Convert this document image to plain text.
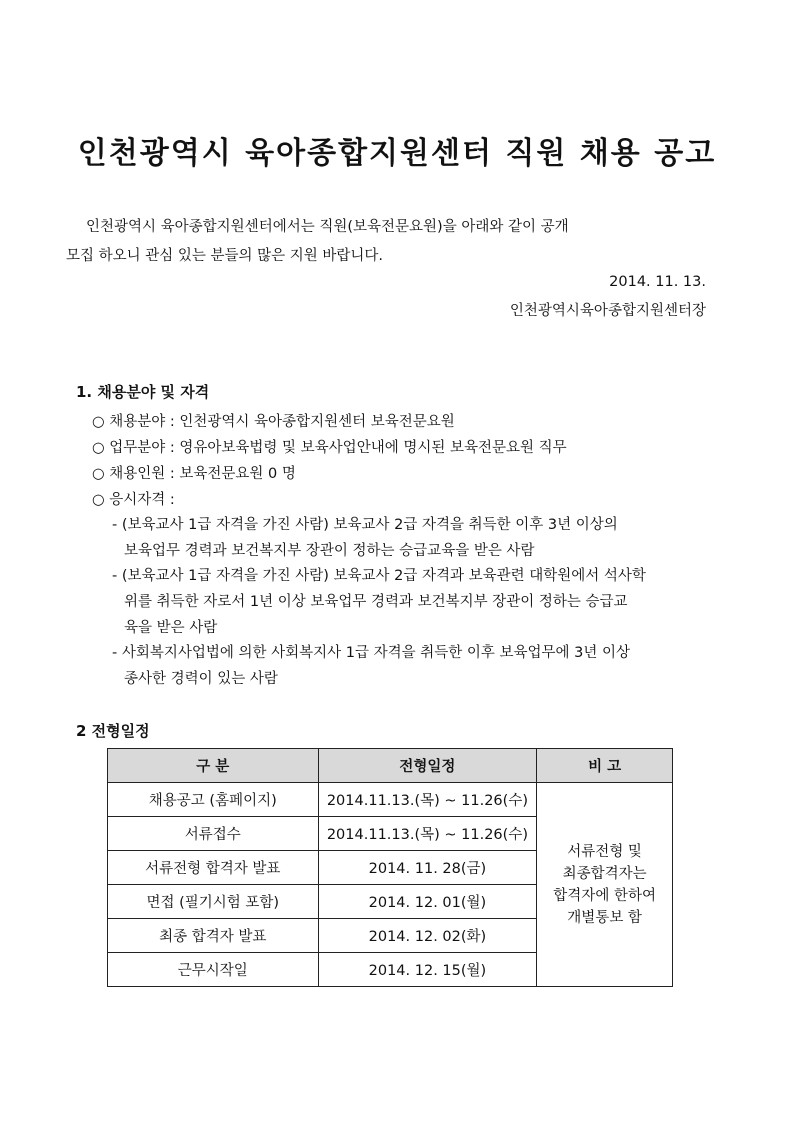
인천광역시 육아종합지원센터 직원 채용 공고
인천광역시 육아종합지원센터에서는 직원(보육전문요원)을 아래와 같이 공개
모집 하오니 관심 있는 분들의 많은 지원 바랍니다.
2014. 11. 13.
인천광역시육아종합지원센터장
1. 채용분야 및 자격
○ 채용분야 : 인천광역시 육아종합지원센터 보육전문요원
○ 업무분야 : 영유아보육법령 및 보육사업안내에 명시된 보육전문요원 직무
○ 채용인원 : 보육전문요원 0 명
○ 응시자격 :
- (보육교사 1급 자격을 가진 사람) 보육교사 2급 자격을 취득한 이후 3년 이상의
보육업무 경력과 보건복지부 장관이 정하는 승급교육을 받은 사람
- (보육교사 1급 자격을 가진 사람) 보육교사 2급 자격과 보육관련 대학원에서 석사학
위를 취득한 자로서 1년 이상 보육업무 경력과 보건복지부 장관이 정하는 승급교
육을 받은 사람
- 사회복지사업법에 의한 사회복지사 1급 자격을 취득한 이후 보육업무에 3년 이상
종사한 경력이 있는 사람
2 전형일정
구 분	전형일정	비 고
채용공고 (홈페이지)	2014.11.13.(목) ~ 11.26(수)	서류전형 및
최종합격자는
합격자에 한하여
개별통보 함

서류접수	2014.11.13.(목) ~ 11.26(수)	
서류전형 합격자 발표	2014. 11. 28(금)	
면접 (필기시험 포함)	2014. 12. 01(월)	
최종 합격자 발표	2014. 12. 02(화)	
근무시작일	2014. 12. 15(월)	
